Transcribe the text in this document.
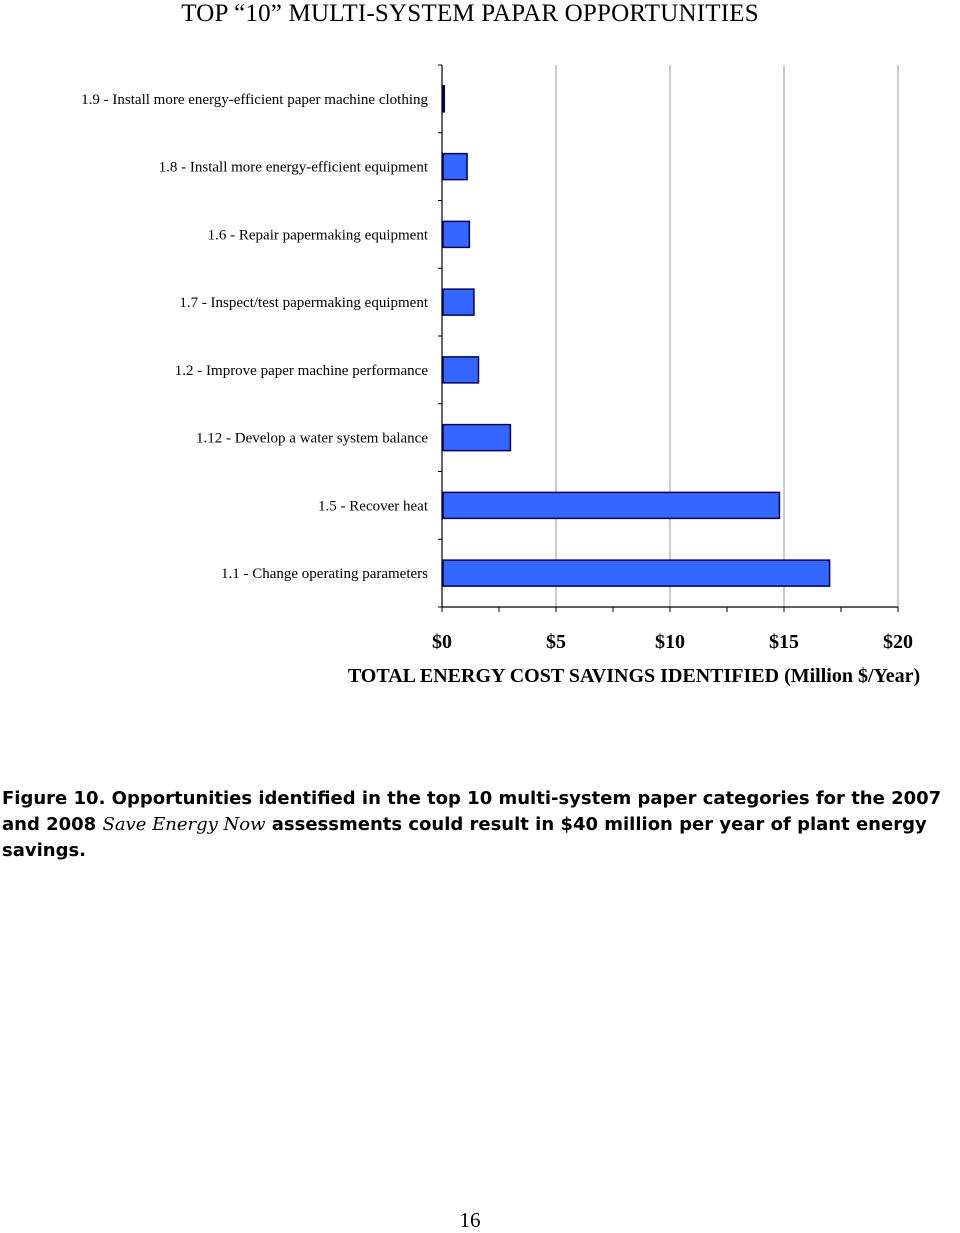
TOP “10” MULTI-SYSTEM PAPAR OPPORTUNITIES
1.9 - Install more energy-efficient paper machine clothing
1.8 - Install more energy-efficient equipment
1.6 - Repair papermaking equipment
1.7 - Inspect/test papermaking equipment
1.2 - Improve paper machine performance
1.12 - Develop a water system balance
1.5 - Recover heat
1.1 - Change operating parameters
$0	$5	$10	$15	$20
TOTAL ENERGY COST SAVINGS IDENTIFIED (Million $/Year)
Figure 10. Opportunities identified in the top 10 multi-system paper categories for the 2007 and 2008 Save Energy Now assessments could result in $40 million per year of plant energy savings.
16
